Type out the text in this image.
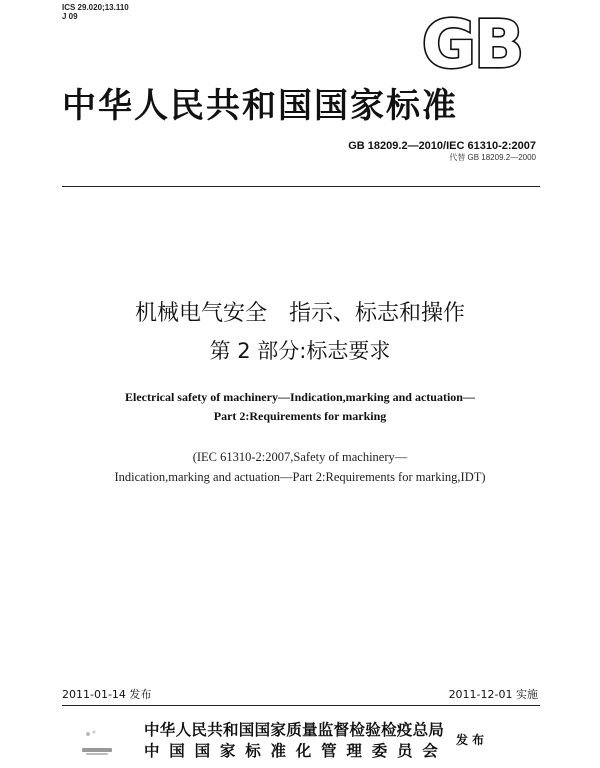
ICS 29.020;13.110
J 09	GB
中华人民共和国国家标准
GB 18209.2—2010/IEC 61310-2:2007
代替 GB 18209.2—2000
机械电气安全　指示、标志和操作
第 2 部分:标志要求
Electrical safety of machinery—Indication,marking and actuation—
Part 2:Requirements for marking
(IEC 61310-2:2007,Safety of machinery—
Indication,marking and actuation—Part 2:Requirements for marking,IDT)
2011-01-14 发布	2011-12-01 实施
中华人民共和国国家质量监督检验检疫总局
中国国家标准化管理委员会
发布
